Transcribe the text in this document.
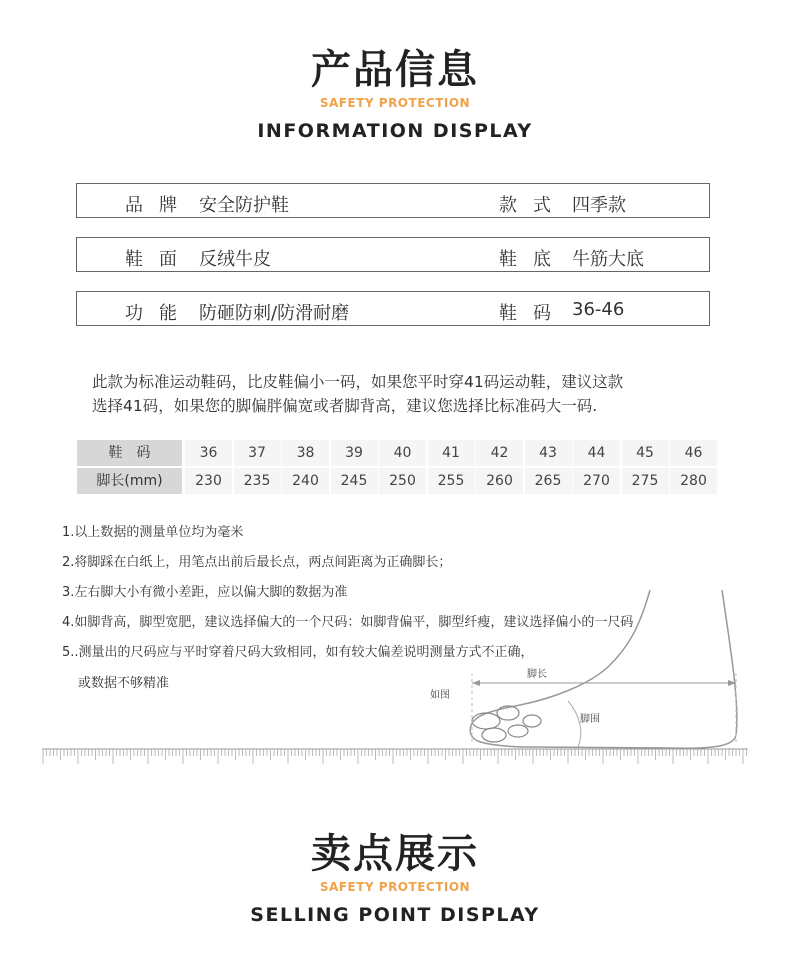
产品信息
SAFETY PROTECTION
INFORMATION DISPLAY
品牌 安全防护鞋	款式 四季款
鞋面 反绒牛皮	鞋底 牛筋大底
功能 防砸防刺/防滑耐磨	鞋码 36-46
此款为标准运动鞋码，比皮鞋偏小一码，如果您平时穿41码运动鞋，建议这款
选择41码，如果您的脚偏胖偏宽或者脚背高，建议您选择比标准码大一码.
鞋　码	36	37	38	39	40	41	42	43	44	45	46
脚长(mm)	230	235	240	245	250	255	260	265	270	275	280
1.以上数据的测量单位均为毫米
2.将脚踩在白纸上，用笔点出前后最长点，两点间距离为正确脚长；
3.左右脚大小有微小差距，应以偏大脚的数据为准
4.如脚背高，脚型宽肥，建议选择偏大的一个尺码：如脚背偏平，脚型纤瘦，建议选择偏小的一尺码
5..测量出的尺码应与平时穿着尺码大致相同，如有较大偏差说明测量方式不正确，
或数据不够精准
如图
脚长
脚围
卖点展示
SAFETY PROTECTION
SELLING POINT DISPLAY
